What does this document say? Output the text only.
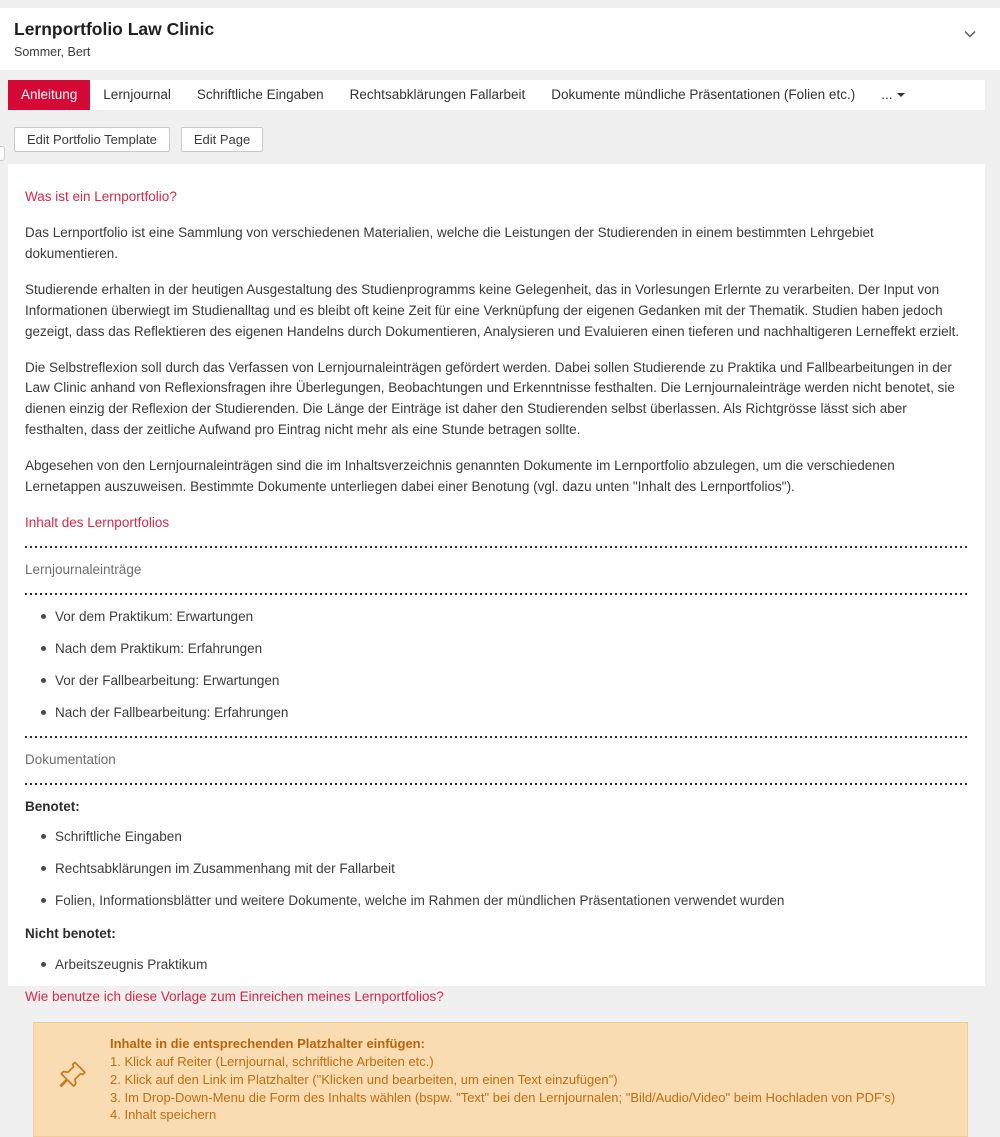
Lernportfolio Law Clinic
Sommer, Bert
Anleitung	Lernjournal	Schriftliche Eingaben	Rechtsabklärungen Fallarbeit	Dokumente mündliche Präsentationen (Folien etc.)	...
Edit Portfolio Template	Edit Page
Was ist ein Lernportfolio?

Das Lernportfolio ist eine Sammlung von verschiedenen Materialien, welche die Leistungen der Studierenden in einem bestimmten Lehrgebiet dokumentieren.

Studierende erhalten in der heutigen Ausgestaltung des Studienprogramms keine Gelegenheit, das in Vorlesungen Erlernte zu verarbeiten. Der Input von Informationen überwiegt im Studienalltag und es bleibt oft keine Zeit für eine Verknüpfung der eigenen Gedanken mit der Thematik. Studien haben jedoch gezeigt, dass das Reflektieren des eigenen Handelns durch Dokumentieren, Analysieren und Evaluieren einen tieferen und nachhaltigeren Lerneffekt erzielt.

Die Selbstreflexion soll durch das Verfassen von Lernjournaleinträgen gefördert werden. Dabei sollen Studierende zu Praktika und Fallbearbeitungen in der Law Clinic anhand von Reflexionsfragen ihre Überlegungen, Beobachtungen und Erkenntnisse festhalten. Die Lernjournaleinträge werden nicht benotet, sie dienen einzig der Reflexion der Studierenden. Die Länge der Einträge ist daher den Studierenden selbst überlassen. Als Richtgrösse lässt sich aber festhalten, dass der zeitliche Aufwand pro Eintrag nicht mehr als eine Stunde betragen sollte.

Abgesehen von den Lernjournaleinträgen sind die im Inhaltsverzeichnis genannten Dokumente im Lernportfolio abzulegen, um die verschiedenen Lernetappen auszuweisen. Bestimmte Dokumente unterliegen dabei einer Benotung (vgl. dazu unten "Inhalt des Lernportfolios").

Inhalt des Lernportfolios
Lernjournaleinträge
Vor dem Praktikum: Erwartungen
Nach dem Praktikum: Erfahrungen
Vor der Fallbearbeitung: Erwartungen
Nach der Fallbearbeitung: Erfahrungen
Dokumentation
Benotet:
Schriftliche Eingaben
Rechtsabklärungen im Zusammenhang mit der Fallarbeit
Folien, Informationsblätter und weitere Dokumente, welche im Rahmen der mündlichen Präsentationen verwendet wurden
Nicht benotet:
Arbeitszeugnis Praktikum
Wie benutze ich diese Vorlage zum Einreichen meines Lernportfolios?
Inhalte in die entsprechenden Platzhalter einfügen:
1. Klick auf Reiter (Lernjournal, schriftliche Arbeiten etc.)
2. Klick auf den Link im Platzhalter ("Klicken und bearbeiten, um einen Text einzufügen")
3. Im Drop-Down-Menu die Form des Inhalts wählen (bspw. "Text" bei den Lernjournalen; "Bild/Audio/Video" beim Hochladen von PDF's)
4. Inhalt speichern
